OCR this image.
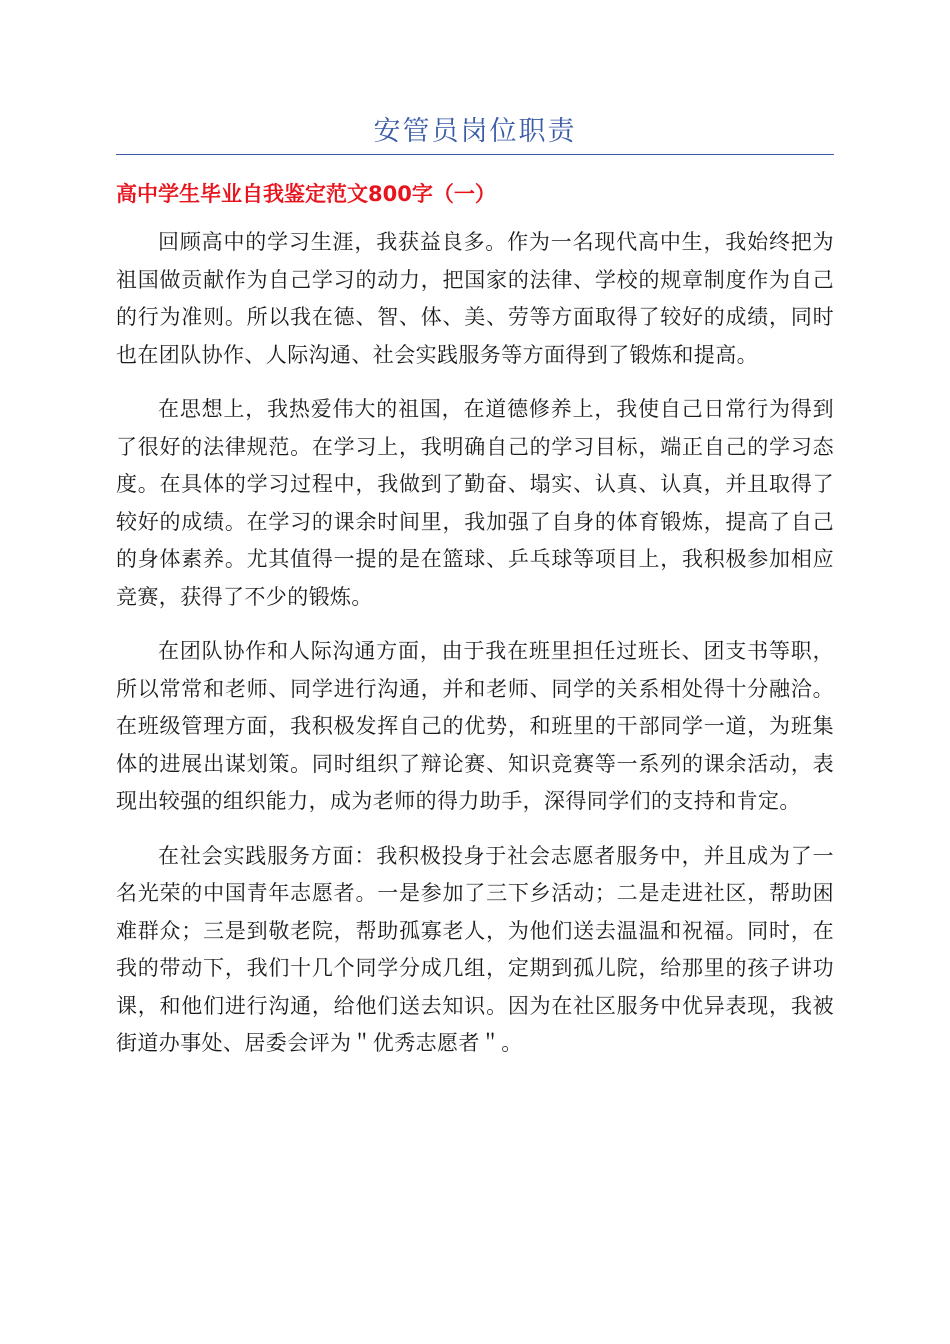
安管员岗位职责
高中学生毕业自我鉴定范文800字（一）

回顾高中的学习生涯，我获益良多。作为一名现代高中生，我始终把为祖国做贡献作为自己学习的动力，把国家的法律、学校的规章制度作为自己的行为准则。所以我在德、智、体、美、劳等方面取得了较好的成绩，同时也在团队协作、人际沟通、社会实践服务等方面得到了锻炼和提高。

在思想上，我热爱伟大的祖国，在道德修养上，我使自己日常行为得到了很好的法律规范。在学习上，我明确自己的学习目标，端正自己的学习态度。在具体的学习过程中，我做到了勤奋、塌实、认真、认真，并且取得了较好的成绩。在学习的课余时间里，我加强了自身的体育锻炼，提高了自己的身体素养。尤其值得一提的是在篮球、乒乓球等项目上，我积极参加相应竞赛，获得了不少的锻炼。

在团队协作和人际沟通方面，由于我在班里担任过班长、团支书等职，所以常常和老师、同学进行沟通，并和老师、同学的关系相处得十分融洽。在班级管理方面，我积极发挥自己的优势，和班里的干部同学一道，为班集体的进展出谋划策。同时组织了辩论赛、知识竞赛等一系列的课余活动，表现出较强的组织能力，成为老师的得力助手，深得同学们的支持和肯定。

在社会实践服务方面：我积极投身于社会志愿者服务中，并且成为了一名光荣的中国青年志愿者。一是参加了三下乡活动；二是走进社区，帮助困难群众；三是到敬老院，帮助孤寡老人，为他们送去温温和祝福。同时，在我的带动下，我们十几个同学分成几组，定期到孤儿院，给那里的孩子讲功课，和他们进行沟通，给他们送去知识。因为在社区服务中优异表现，我被街道办事处、居委会评为＂优秀志愿者＂。
